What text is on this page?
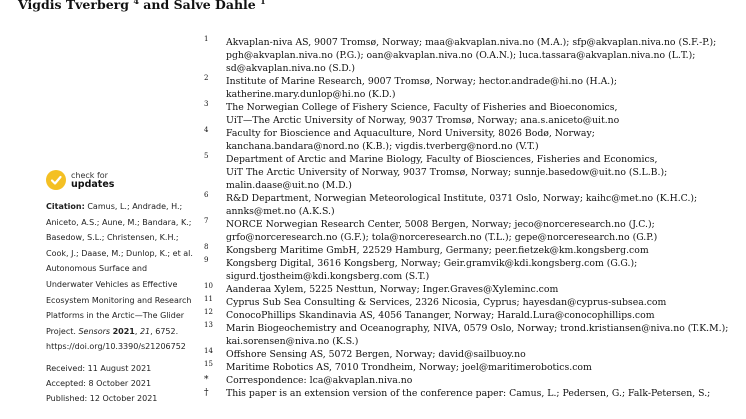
Vigdis Tverberg $^4$ and Salve Dahle $^1$
1 Akvaplan-niva AS, 9007 Tromsø, Norway; maa@akvaplan.niva.no (M.A.); sfp@akvaplan.niva.no (S.F.-P.);
pgh@akvaplan.niva.no (P.G.); oan@akvaplan.niva.no (O.A.N.); luca.tassara@akvaplan.niva.no (L.T.);
sd@akvaplan.niva.no (S.D.)
2 Institute of Marine Research, 9007 Tromsø, Norway; hector.andrade@hi.no (H.A.);
katherine.mary.dunlop@hi.no (K.D.)
3 The Norwegian College of Fishery Science, Faculty of Fisheries and Bioeconomics,
UiT—The Arctic University of Norway, 9037 Tromsø, Norway; ana.s.aniceto@uit.no
4 Faculty for Bioscience and Aquaculture, Nord University, 8026 Bodø, Norway;
kanchana.bandara@nord.no (K.B.); vigdis.tverberg@nord.no (V.T.)
5 Department of Arctic and Marine Biology, Faculty of Biosciences, Fisheries and Economics,
UiT The Arctic University of Norway, 9037 Tromsø, Norway; sunnje.basedow@uit.no (S.L.B.);
malin.daase@uit.no (M.D.)
6 R&D Department, Norwegian Meteorological Institute, 0371 Oslo, Norway; kaihc@met.no (K.H.C.);
annks@met.no (A.K.S.)
7 NORCE Norwegian Research Center, 5008 Bergen, Norway; jeco@norceresearch.no (J.C.);
grfo@norceresearch.no (G.F.); tola@norceresearch.no (T.L.); gepe@norceresearch.no (G.P.)
8 Kongsberg Maritime GmbH, 22529 Hamburg, Germany; peer.fietzek@km.kongsberg.com
9 Kongsberg Digital, 3616 Kongsberg, Norway; Geir.gramvik@kdi.kongsberg.com (G.G.);
sigurd.tjostheim@kdi.kongsberg.com (S.T.)
10 Aanderaa Xylem, 5225 Nesttun, Norway; Inger.Graves@Xyleminc.com
11 Cyprus Sub Sea Consulting & Services, 2326 Nicosia, Cyprus; hayesdan@cyprus-subsea.com
12 ConocoPhillips Skandinavia AS, 4056 Tananger, Norway; Harald.Lura@conocophillips.com
13 Marin Biogeochemistry and Oceanography, NIVA, 0579 Oslo, Norway; trond.kristiansen@niva.no (T.K.M.);
kai.sorensen@niva.no (K.S.)
14 Offshore Sensing AS, 5072 Bergen, Norway; david@sailbuoy.no
15 Maritime Robotics AS, 7010 Trondheim, Norway; joel@maritimerobotics.com
* Correspondence: lca@akvaplan.niva.no
† This paper is an extension version of the conference paper: Camus, L.; Pedersen, G.; Falk-Petersen, S.;
check for
updates
Citation: Camus, L.; Andrade, H.;
Aniceto, A.S.; Aune, M.; Bandara, K.;
Basedow, S.L.; Christensen, K.H.;
Cook, J.; Daase, M.; Dunlop, K.; et al.
Autonomous Surface and
Underwater Vehicles as Effective
Ecosystem Monitoring and Research
Platforms in the Arctic—The Glider
Project. Sensors 2021, 21, 6752.
https://doi.org/10.3390/s21206752
Received: 11 August 2021
Accepted: 8 October 2021
Published: 12 October 2021
